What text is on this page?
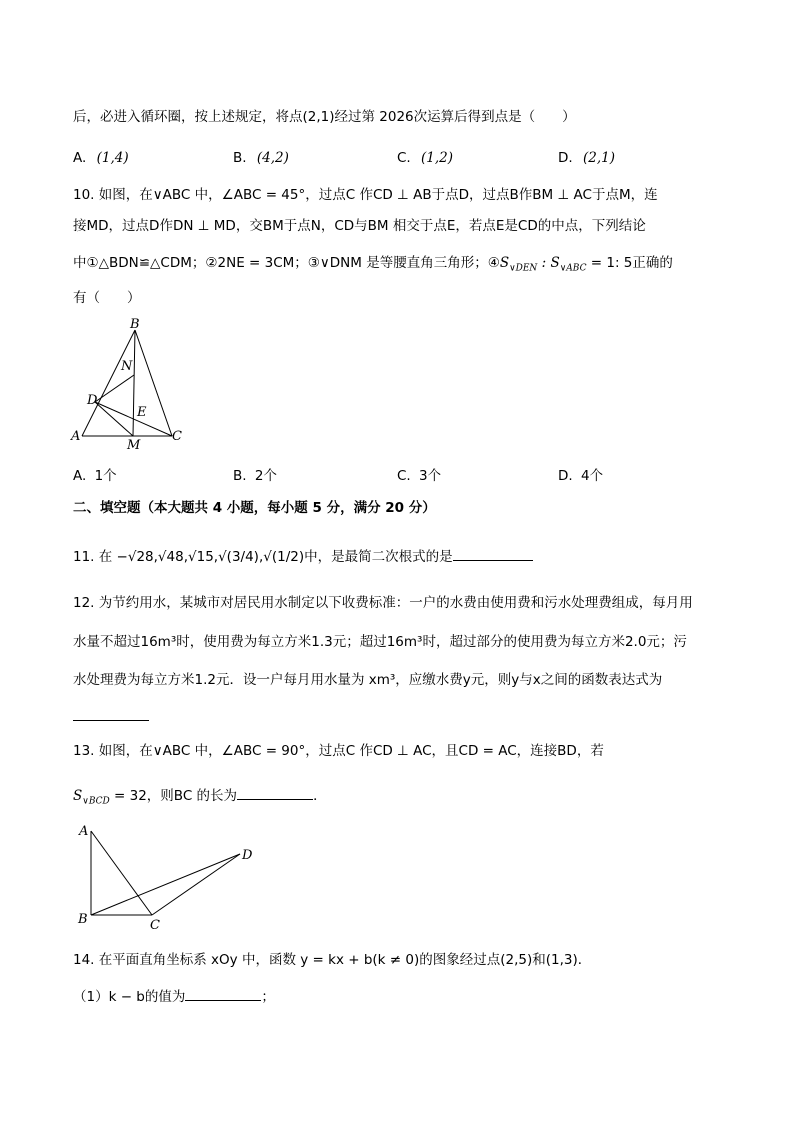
后，必进入循环圈，按上述规定，将点(2,1)经过第 2026次运算后得到点是（　　）
A. (1,4)	B. (4,2)	C. (1,2)	D. (2,1)
10. 如图，在∨ABC 中，∠ABC = 45°，过点C 作CD ⊥ AB于点D，过点B作BM ⊥ AC于点M，连
接MD，过点D作DN ⊥ MD，交BM于点N，CD与BM 相交于点E，若点E是CD的中点，下列结论
中①△BDN≌△CDM；②2NE = 3CM；③∨DNM 是等腰直角三角形；$④S_{\vee DEN}$ : $S_{\vee ABC} = 1$: 5正确的
有（　　）
B
N
D
E
A
M
C
A. 1个	B. 2个	C. 3个	D. 4个
二、填空题（本大题共 4 小题，每小题 5 分，满分 20 分）
11. 在 −√28,√48,√15,√(3/4),√(1/2)中，是最简二次根式的是
12. 为节约用水，某城市对居民用水制定以下收费标准：一户的水费由使用费和污水处理费组成，每月用
水量不超过16m³时，使用费为每立方米1.3元；超过16m³时，超过部分的使用费为每立方米2.0元；污
水处理费为每立方米1.2元．设一户每月用水量为 xm³，应缴水费y元，则y与x之间的函数表达式为
13. 如图，在∨ABC 中，∠ABC = 90°，过点C 作CD ⊥ AC，且CD = AC，连接BD，若
$S_{\vee BCD} = 32$，则BC 的长为	．
A
B	C
D
14. 在平面直角坐标系 xOy 中，函数 y = kx + b(k ≠ 0)的图象经过点(2,5)和(1,3)．
（1）k − b的值为	；
